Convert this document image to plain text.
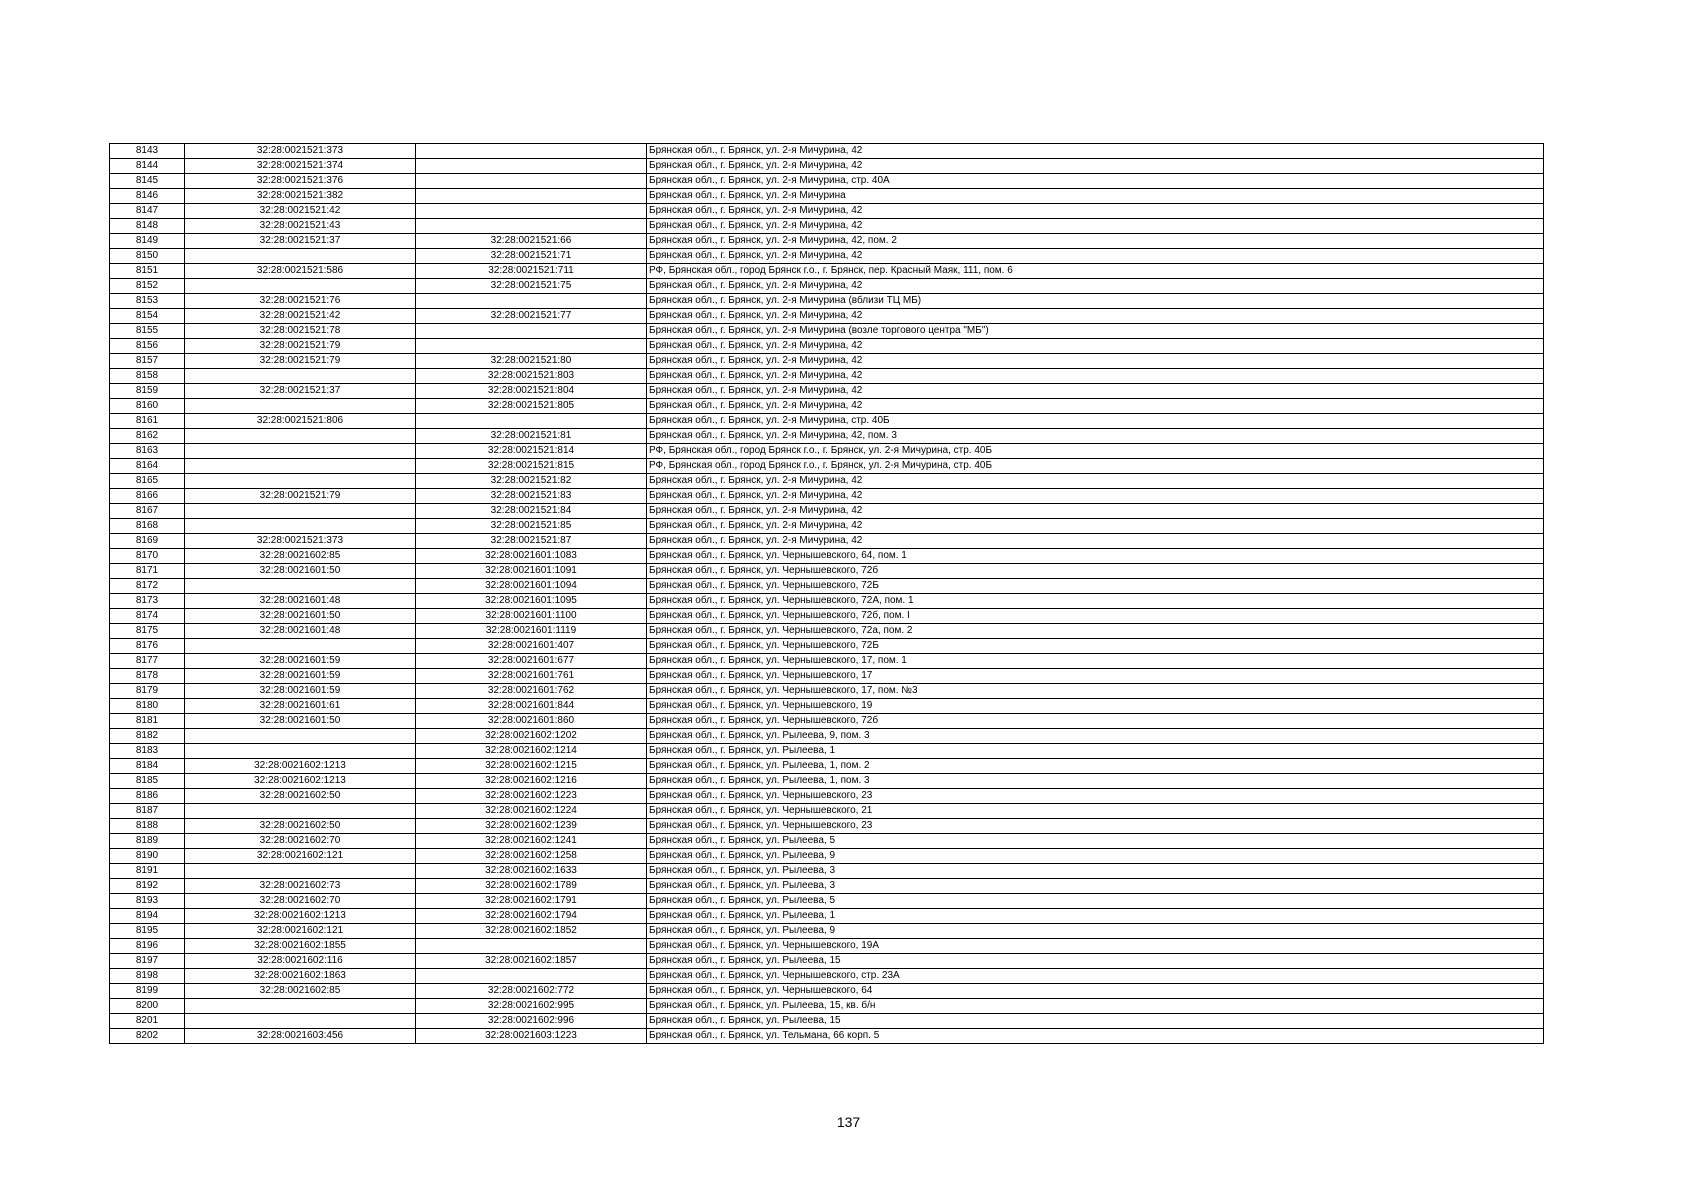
8143	32:28:0021521:373		Брянская обл., г. Брянск, ул. 2-я Мичурина, 42
8144	32:28:0021521:374		Брянская обл., г. Брянск, ул. 2-я Мичурина, 42
8145	32:28:0021521:376		Брянская обл., г. Брянск, ул. 2-я Мичурина, стр. 40А
8146	32:28:0021521:382		Брянская обл., г. Брянск, ул. 2-я Мичурина
8147	32:28:0021521:42		Брянская обл., г. Брянск, ул. 2-я Мичурина, 42
8148	32:28:0021521:43		Брянская обл., г. Брянск, ул. 2-я Мичурина, 42
8149	32:28:0021521:37	32:28:0021521:66	Брянская обл., г. Брянск, ул. 2-я Мичурина, 42, пом. 2
8150		32:28:0021521:71	Брянская обл., г. Брянск, ул. 2-я Мичурина, 42
8151	32:28:0021521:586	32:28:0021521:711	РФ, Брянская обл., город Брянск г.о., г. Брянск, пер. Красный Маяк, 111, пом. 6
8152		32:28:0021521:75	Брянская обл., г. Брянск, ул. 2-я Мичурина, 42
8153	32:28:0021521:76		Брянская обл., г. Брянск, ул. 2-я Мичурина (вблизи ТЦ МБ)
8154	32:28:0021521:42	32:28:0021521:77	Брянская обл., г. Брянск, ул. 2-я Мичурина, 42
8155	32:28:0021521:78		Брянская обл., г. Брянск, ул. 2-я Мичурина (возле торгового центра "МБ")
8156	32:28:0021521:79		Брянская обл., г. Брянск, ул. 2-я Мичурина, 42
8157	32:28:0021521:79	32:28:0021521:80	Брянская обл., г. Брянск, ул. 2-я Мичурина, 42
8158		32:28:0021521:803	Брянская обл., г. Брянск, ул. 2-я Мичурина, 42
8159	32:28:0021521:37	32:28:0021521:804	Брянская обл., г. Брянск, ул. 2-я Мичурина, 42
8160		32:28:0021521:805	Брянская обл., г. Брянск, ул. 2-я Мичурина, 42
8161	32:28:0021521:806		Брянская обл., г. Брянск, ул. 2-я Мичурина, стр. 40Б
8162		32:28:0021521:81	Брянская обл., г. Брянск, ул. 2-я Мичурина, 42, пом. 3
8163		32:28:0021521:814	РФ, Брянская обл., город Брянск г.о., г. Брянск, ул. 2-я Мичурина, стр. 40Б
8164		32:28:0021521:815	РФ, Брянская обл., город Брянск г.о., г. Брянск, ул. 2-я Мичурина, стр. 40Б
8165		32:28:0021521:82	Брянская обл., г. Брянск, ул. 2-я Мичурина, 42
8166	32:28:0021521:79	32:28:0021521:83	Брянская обл., г. Брянск, ул. 2-я Мичурина, 42
8167		32:28:0021521:84	Брянская обл., г. Брянск, ул. 2-я Мичурина, 42
8168		32:28:0021521:85	Брянская обл., г. Брянск, ул. 2-я Мичурина, 42
8169	32:28:0021521:373	32:28:0021521:87	Брянская обл., г. Брянск, ул. 2-я Мичурина, 42
8170	32:28:0021602:85	32:28:0021601:1083	Брянская обл., г. Брянск, ул. Чернышевского, 64, пом. 1
8171	32:28:0021601:50	32:28:0021601:1091	Брянская обл., г. Брянск, ул. Чернышевского, 72б
8172		32:28:0021601:1094	Брянская обл., г. Брянск, ул. Чернышевского, 72Б
8173	32:28:0021601:48	32:28:0021601:1095	Брянская обл., г. Брянск, ул. Чернышевского, 72А, пом. 1
8174	32:28:0021601:50	32:28:0021601:1100	Брянская обл., г. Брянск, ул. Чернышевского, 72б, пом. I
8175	32:28:0021601:48	32:28:0021601:1119	Брянская обл., г. Брянск, ул. Чернышевского, 72а, пом. 2
8176		32:28:0021601:407	Брянская обл., г. Брянск, ул. Чернышевского, 72Б
8177	32:28:0021601:59	32:28:0021601:677	Брянская обл., г. Брянск, ул. Чернышевского, 17, пом. 1
8178	32:28:0021601:59	32:28:0021601:761	Брянская обл., г. Брянск, ул. Чернышевского, 17
8179	32:28:0021601:59	32:28:0021601:762	Брянская обл., г. Брянск, ул. Чернышевского, 17, пом. №3
8180	32:28:0021601:61	32:28:0021601:844	Брянская обл., г. Брянск, ул. Чернышевского, 19
8181	32:28:0021601:50	32:28:0021601:860	Брянская обл., г. Брянск, ул. Чернышевского, 72б
8182		32:28:0021602:1202	Брянская обл., г. Брянск, ул. Рылеева, 9, пом. 3
8183		32:28:0021602:1214	Брянская обл., г. Брянск, ул. Рылеева, 1
8184	32:28:0021602:1213	32:28:0021602:1215	Брянская обл., г. Брянск, ул. Рылеева, 1, пом. 2
8185	32:28:0021602:1213	32:28:0021602:1216	Брянская обл., г. Брянск, ул. Рылеева, 1, пом. 3
8186	32:28:0021602:50	32:28:0021602:1223	Брянская обл., г. Брянск, ул. Чернышевского, 23
8187		32:28:0021602:1224	Брянская обл., г. Брянск, ул. Чернышевского, 21
8188	32:28:0021602:50	32:28:0021602:1239	Брянская обл., г. Брянск, ул. Чернышевского, 23
8189	32:28:0021602:70	32:28:0021602:1241	Брянская обл., г. Брянск, ул. Рылеева, 5
8190	32:28:0021602:121	32:28:0021602:1258	Брянская обл., г. Брянск, ул. Рылеева, 9
8191		32:28:0021602:1633	Брянская обл., г. Брянск, ул. Рылеева, 3
8192	32:28:0021602:73	32:28:0021602:1789	Брянская обл., г. Брянск, ул. Рылеева, 3
8193	32:28:0021602:70	32:28:0021602:1791	Брянская обл., г. Брянск, ул. Рылеева, 5
8194	32:28:0021602:1213	32:28:0021602:1794	Брянская обл., г. Брянск, ул. Рылеева, 1
8195	32:28:0021602:121	32:28:0021602:1852	Брянская обл., г. Брянск, ул. Рылеева, 9
8196	32:28:0021602:1855		Брянская обл., г. Брянск, ул. Чернышевского, 19А
8197	32:28:0021602:116	32:28:0021602:1857	Брянская обл., г. Брянск, ул. Рылеева, 15
8198	32:28:0021602:1863		Брянская обл., г. Брянск, ул. Чернышевского, стр. 23А
8199	32:28:0021602:85	32:28:0021602:772	Брянская обл., г. Брянск, ул. Чернышевского, 64
8200		32:28:0021602:995	Брянская обл., г. Брянск, ул. Рылеева, 15, кв. б/н
8201		32:28:0021602:996	Брянская обл., г. Брянск, ул. Рылеева, 15
8202	32:28:0021603:456	32:28:0021603:1223	Брянская обл., г. Брянск, ул. Тельмана, 66 корп. 5
137
